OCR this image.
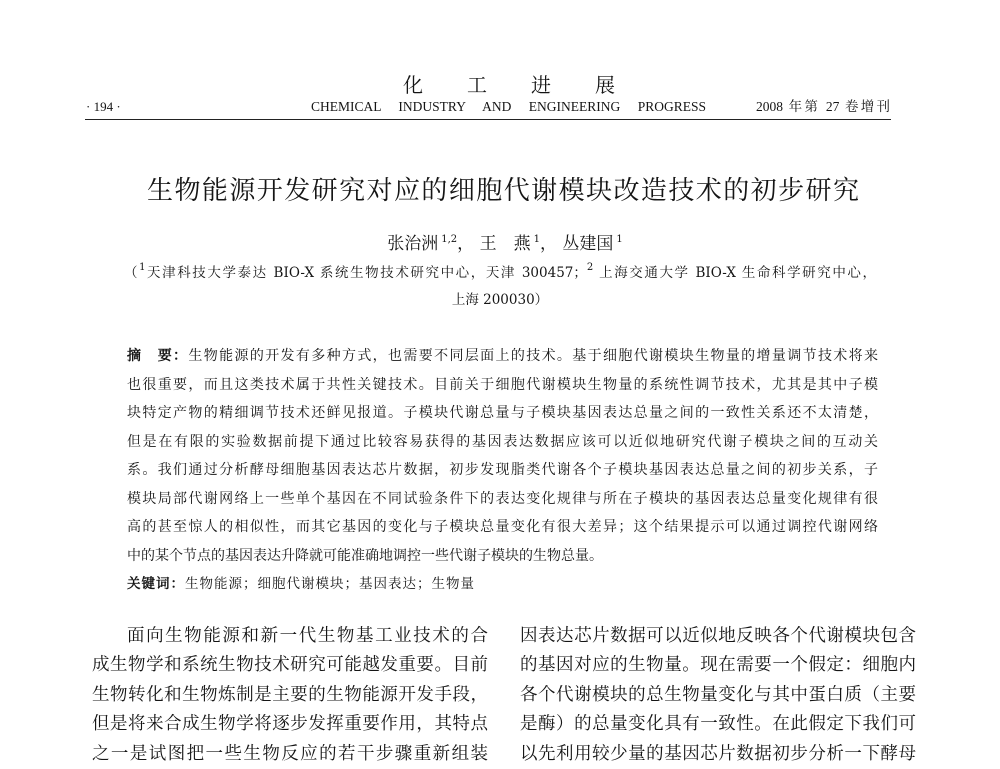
化 工 进 展
· 194 ·	CHEMICAL INDUSTRY AND ENGINEERING PROGRESS	2008 年第 27 卷增刊
生物能源开发研究对应的细胞代谢模块改造技术的初步研究
张治洲 $^{1,2}$， 王　燕 $^1$， 丛建国 $^1$
（$^1$天津科技大学泰达 BIO-X 系统生物技术研究中心，天津 300457；$^2$ 上海交通大学 BIO-X 生命科学研究中心，
上海 200030）
摘　要：生物能源的开发有多种方式，也需要不同层面上的技术。基于细胞代谢模块生物量的增量调节技术将来
也很重要，而且这类技术属于共性关键技术。目前关于细胞代谢模块生物量的系统性调节技术，尤其是其中子模
块特定产物的精细调节技术还鲜见报道。子模块代谢总量与子模块基因表达总量之间的一致性关系还不太清楚，
但是在有限的实验数据前提下通过比较容易获得的基因表达数据应该可以近似地研究代谢子模块之间的互动关
系。我们通过分析酵母细胞基因表达芯片数据，初步发现脂类代谢各个子模块基因表达总量之间的初步关系，子
模块局部代谢网络上一些单个基因在不同试验条件下的表达变化规律与所在子模块的基因表达总量变化规律有很
高的甚至惊人的相似性，而其它基因的变化与子模块总量变化有很大差异；这个结果提示可以通过调控代谢网络
中的某个节点的基因表达升降就可能准确地调控一些代谢子模块的生物总量。
关键词：生物能源；细胞代谢模块；基因表达；生物量
面向生物能源和新一代生物基工业技术的合
成生物学和系统生物技术研究可能越发重要。目前
生物转化和生物炼制是主要的生物能源开发手段，
但是将来合成生物学将逐步发挥重要作用，其特点
之一是试图把一些生物反应的若干步骤重新组装
因表达芯片数据可以近似地反映各个代谢模块包含
的基因对应的生物量。现在需要一个假定：细胞内
各个代谢模块的总生物量变化与其中蛋白质（主要
是酶）的总量变化具有一致性。在此假定下我们可
以先利用较少量的基因芯片数据初步分析一下酵母
